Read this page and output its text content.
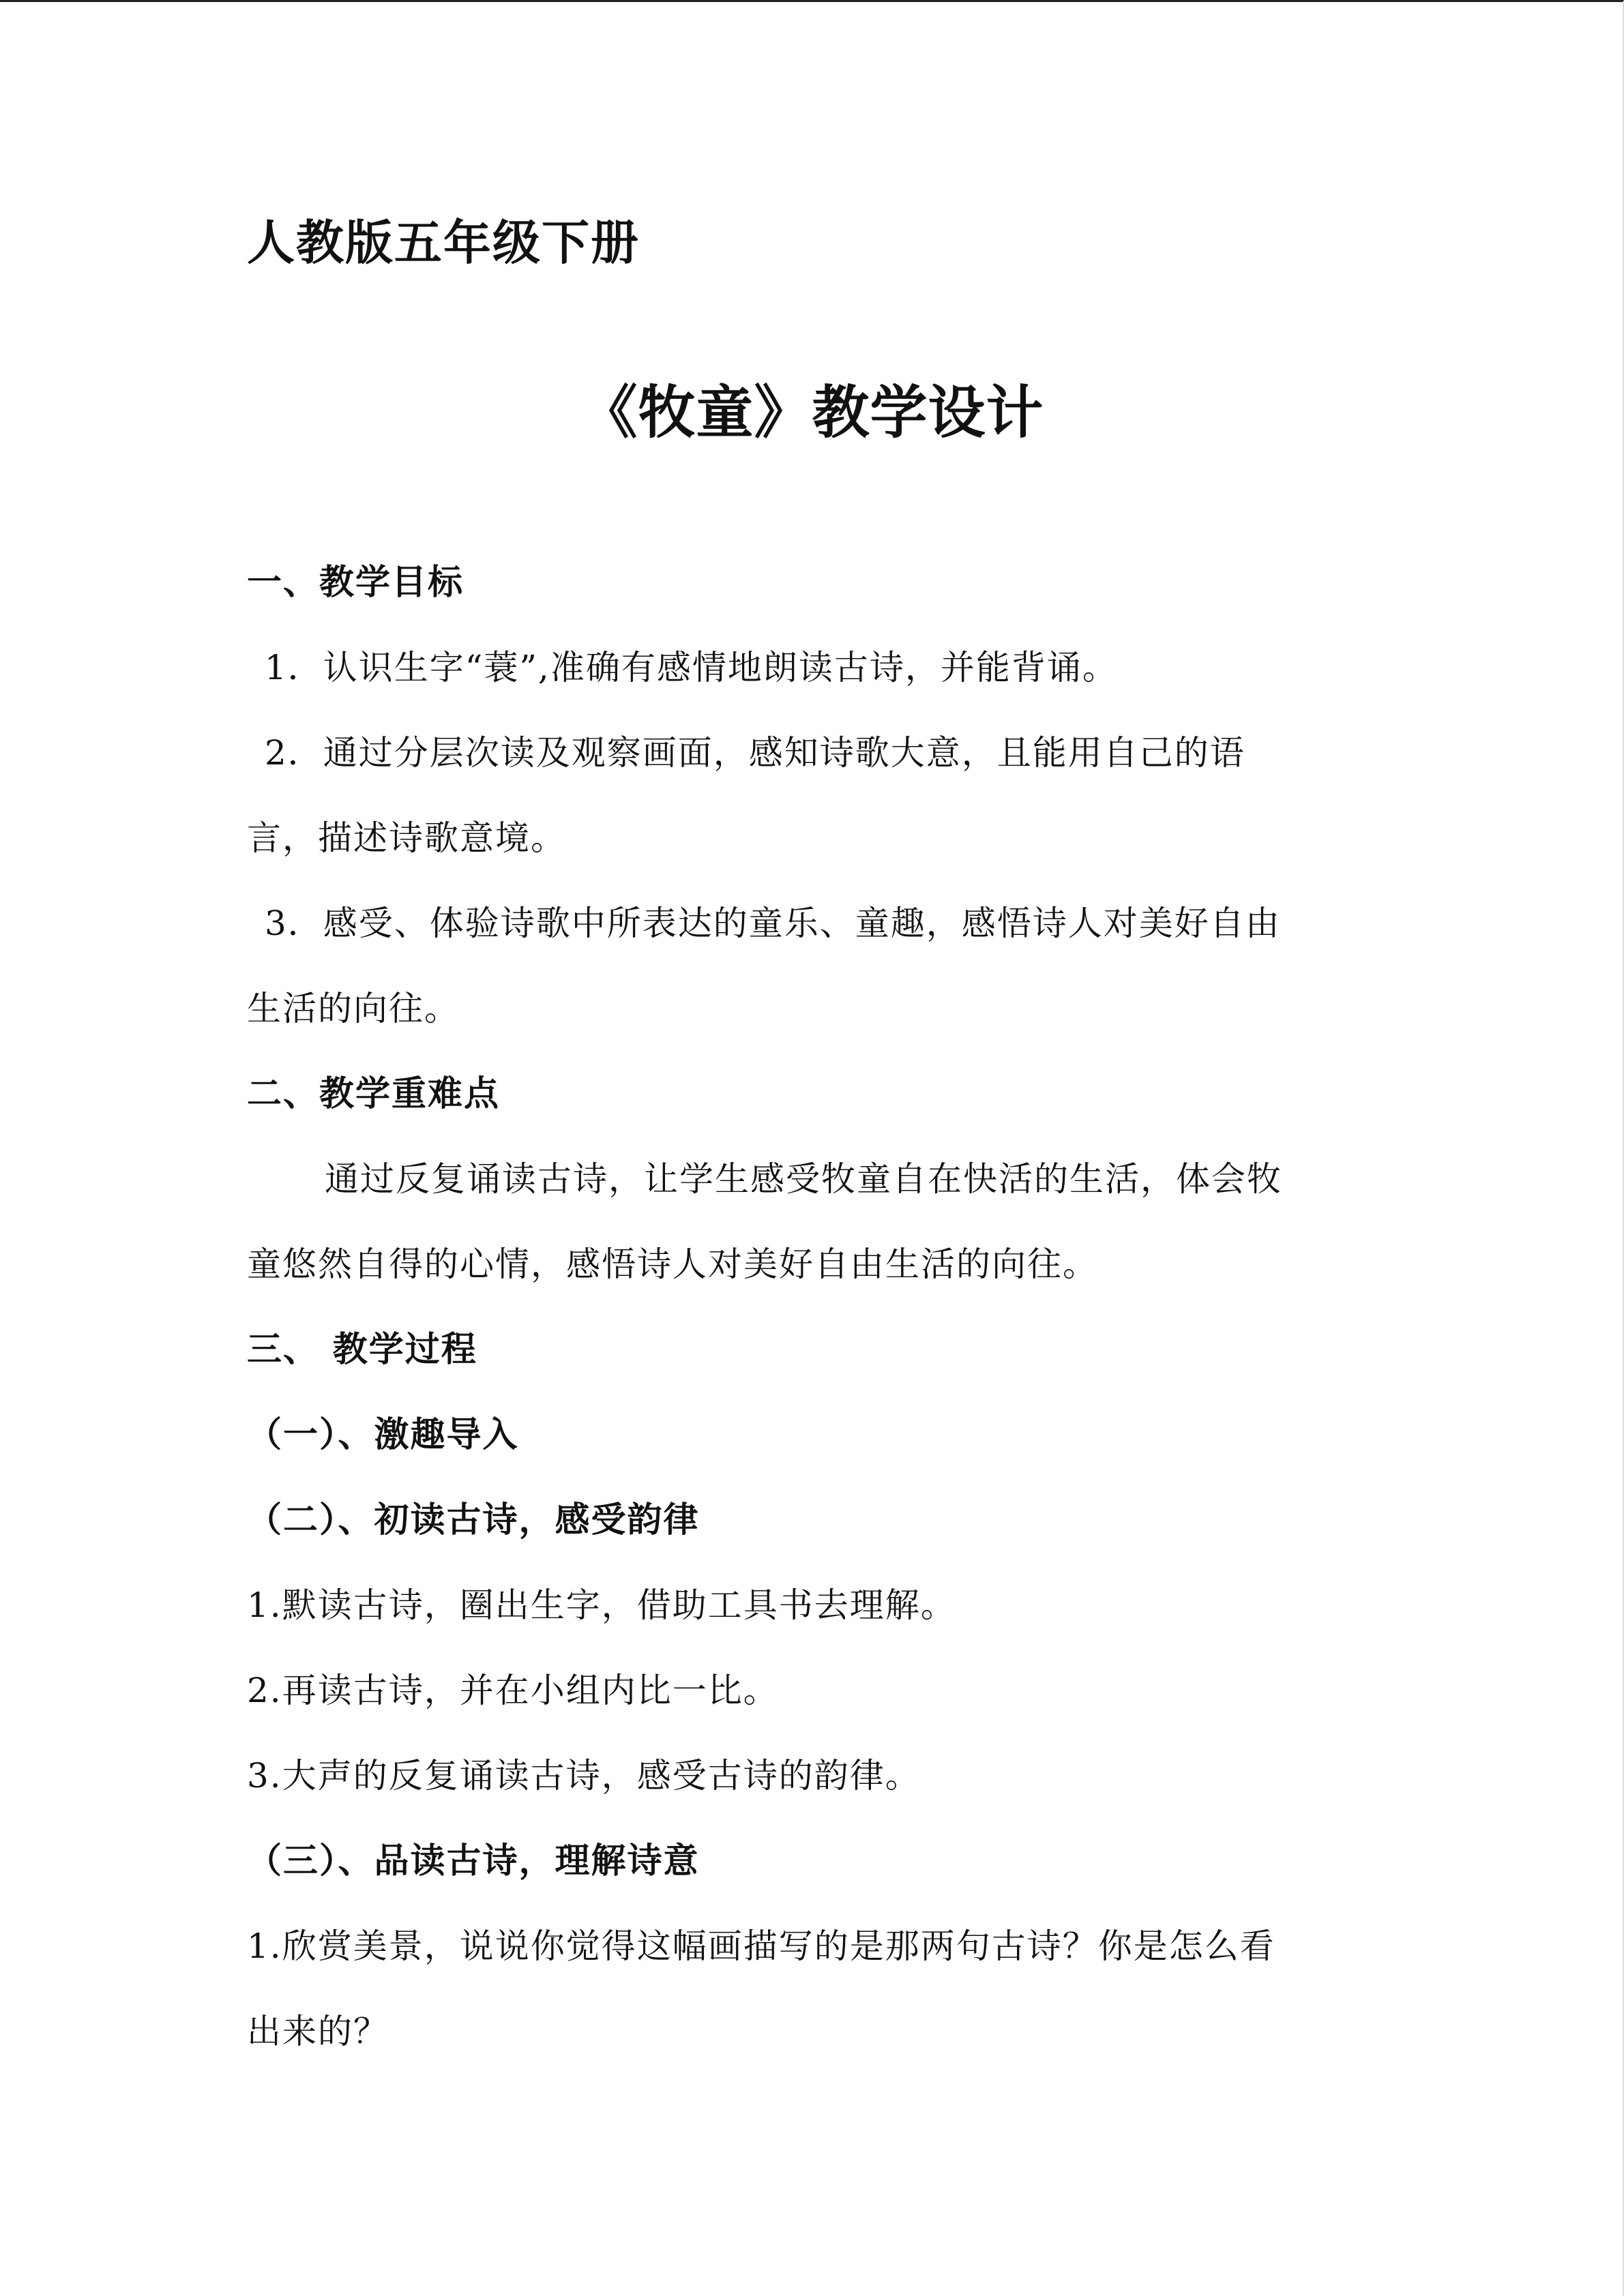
人教版五年级下册
《牧童》教学设计
一、教学目标
1．认识生字“蓑”,准确有感情地朗读古诗，并能背诵。
2．通过分层次读及观察画面，感知诗歌大意，且能用自己的语
言，描述诗歌意境。
3．感受、体验诗歌中所表达的童乐、童趣，感悟诗人对美好自由
生活的向往。
二、教学重难点
通过反复诵读古诗，让学生感受牧童自在快活的生活，体会牧
童悠然自得的心情，感悟诗人对美好自由生活的向往。
三、 教学过程
（一）、激趣导入
（二）、初读古诗，感受韵律
1.默读古诗，圈出生字，借助工具书去理解。
2.再读古诗，并在小组内比一比。
3.大声的反复诵读古诗，感受古诗的韵律。
（三）、品读古诗，理解诗意
1.欣赏美景，说说你觉得这幅画描写的是那两句古诗？你是怎么看
出来的？
